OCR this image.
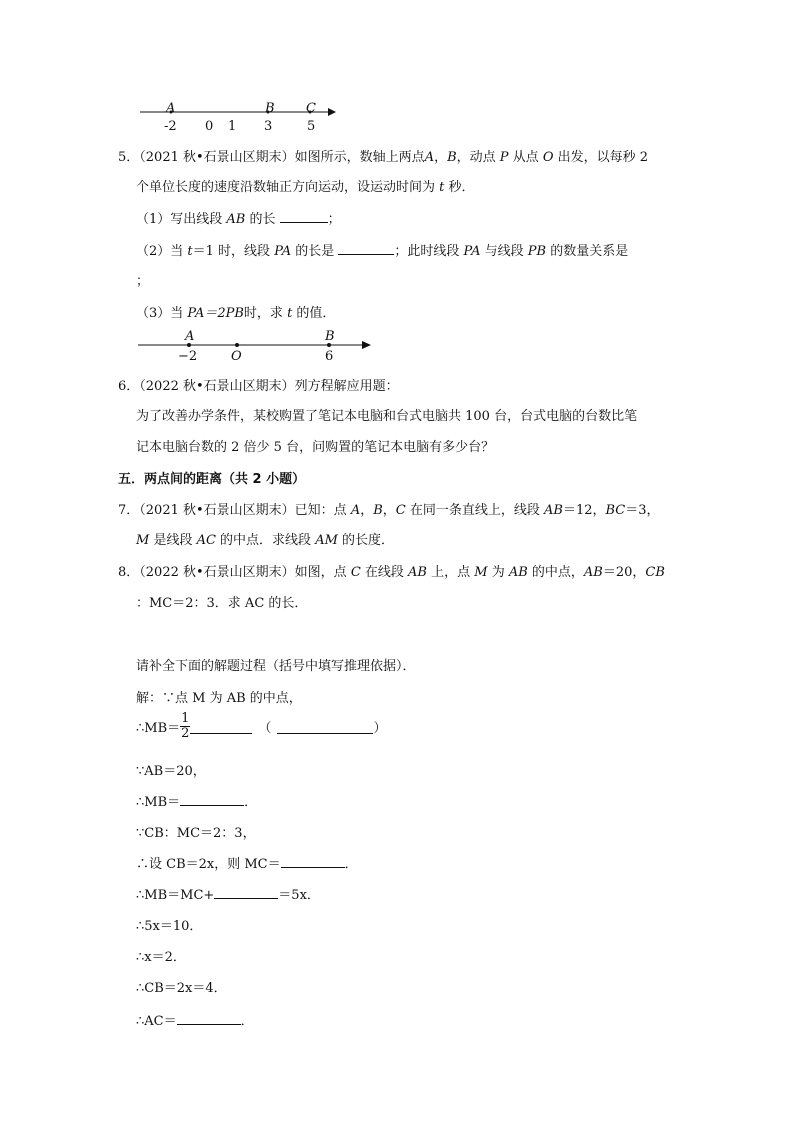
A	B C
-2 0 1 3	5
5．（2021 秋•石景山区期末）如图所示，数轴上两点A，B，动点 P 从点 O 出发，以每秒 2
个单位长度的速度沿数轴正方向运动，设运动时间为 t 秒．
（1）写出线段 AB 的长	；
（2）当 t＝1 时，线段 PA 的长是	；此时线段 PA 与线段 PB 的数量关系是
；
（3）当 PA＝2PB时，求 t 的值．
A	B
−2	O	6
6．（2022 秋•石景山区期末）列方程解应用题：
为了改善办学条件，某校购置了笔记本电脑和台式电脑共 100 台，台式电脑的台数比笔
记本电脑台数的 2 倍少 5 台，问购置的笔记本电脑有多少台？
五．两点间的距离（共 2 小题）
7．（2021 秋•石景山区期末）已知：点 A，B，C 在同一条直线上，线段 AB＝12，BC＝3，
M 是线段 AC 的中点．求线段 AM 的长度．
8．（2022 秋•石景山区期末）如图，点 C 在线段 AB 上，点 M 为 AB 的中点，AB＝20，CB
：MC＝2：3．求 AC 的长．
请补全下面的解题过程（括号中填写推理依据）．
解：∵点 M 为 AB 的中点，
∴MB＝ $\frac{1}{2}$	（	）
∵AB＝20，
∴MB＝	．
∵CB：MC＝2：3，
∴设 CB＝2x，则 MC＝	．
∴MB＝MC+	＝5x．
∴5x＝10．
∴x＝2．
∴CB＝2x＝4．
∴AC＝	．
